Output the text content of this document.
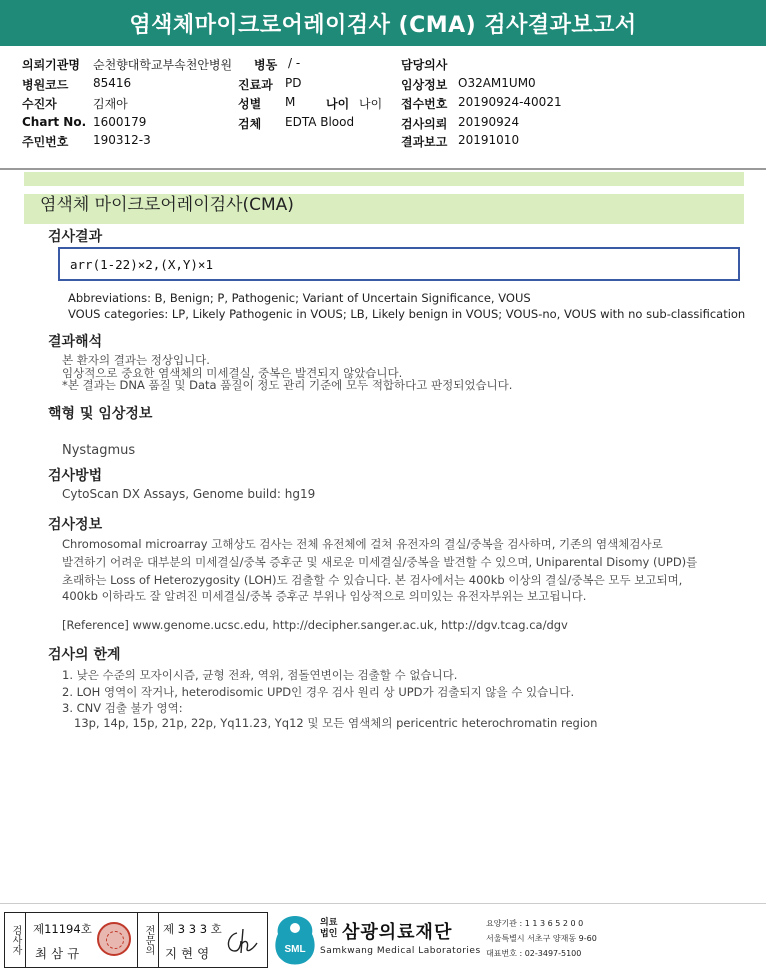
염색체마이크로어레이검사 (CMA) 검사결과보고서
의뢰기관명 순천향대학교부속천안병원 병동 / -	담당의사
병원코드 85416	진료과 PD	임상정보 O32AM1UM0
수진자	김재아	성별 M	나이 나이 접수번호 20190924-40021
Chart No. 1600179	검체 EDTA Blood	검사의뢰 20190924
주민번호 190312-3	결과보고 20191010
염색체 마이크로어레이검사(CMA)
검사결과
arr(1-22)×2,(X,Y)×1
Abbreviations: B, Benign; P, Pathogenic; Variant of Uncertain Significance, VOUS
VOUS categories: LP, Likely Pathogenic in VOUS; LB, Likely benign in VOUS; VOUS-no, VOUS with no sub-classification
결과해석
본 환자의 결과는 정상입니다.
임상적으로 중요한 염색체의 미세결실, 중복은 발견되지 않았습니다.
*본 결과는 DNA 품질 및 Data 품질이 정도 관리 기준에 모두 적합하다고 판정되었습니다.
핵형 및 임상정보
Nystagmus
검사방법
CytoScan DX Assays, Genome build: hg19
검사정보
Chromosomal microarray 고해상도 검사는 전체 유전체에 걸쳐 유전자의 결실/중복을 검사하며, 기존의 염색체검사로
발견하기 어려운 대부분의 미세결실/중복 증후군 및 새로운 미세결실/중복을 발견할 수 있으며, Uniparental Disomy (UPD)를
초래하는 Loss of Heterozygosity (LOH)도 검출할 수 있습니다. 본 검사에서는 400kb 이상의 결실/중복은 모두 보고되며,
400kb 이하라도 잘 알려진 미세결실/중복 증후군 부위나 임상적으로 의미있는 유전자부위는 보고됩니다.
[Reference] www.genome.ucsc.edu, http://decipher.sanger.ac.uk, http://dgv.tcag.ca/dgv
검사의 한계
1. 낮은 수준의 모자이시즘, 균형 전좌, 역위, 점돌연변이는 검출할 수 없습니다.
2. LOH 영역이 작거나, heterodisomic UPD인 경우 검사 원리 상 UPD가 검출되지 않을 수 있습니다.
3. CNV 검출 불가 영역:
13p, 14p, 15p, 21p, 22p, Yq11.23, Yq12 및 모든 염색체의 pericentric heterochromatin region
검사자 제11194호
최 삼 규	전문의 제 3 3 3 호
지 현 영	SML
의료
법인 삼광의료재단
Samkwang Medical Laboratories
요양기관 : 1 1 3 6 5 2 0 0
서울특별시 서초구 양재동 9-60
대표번호 : 02-3497-5100
